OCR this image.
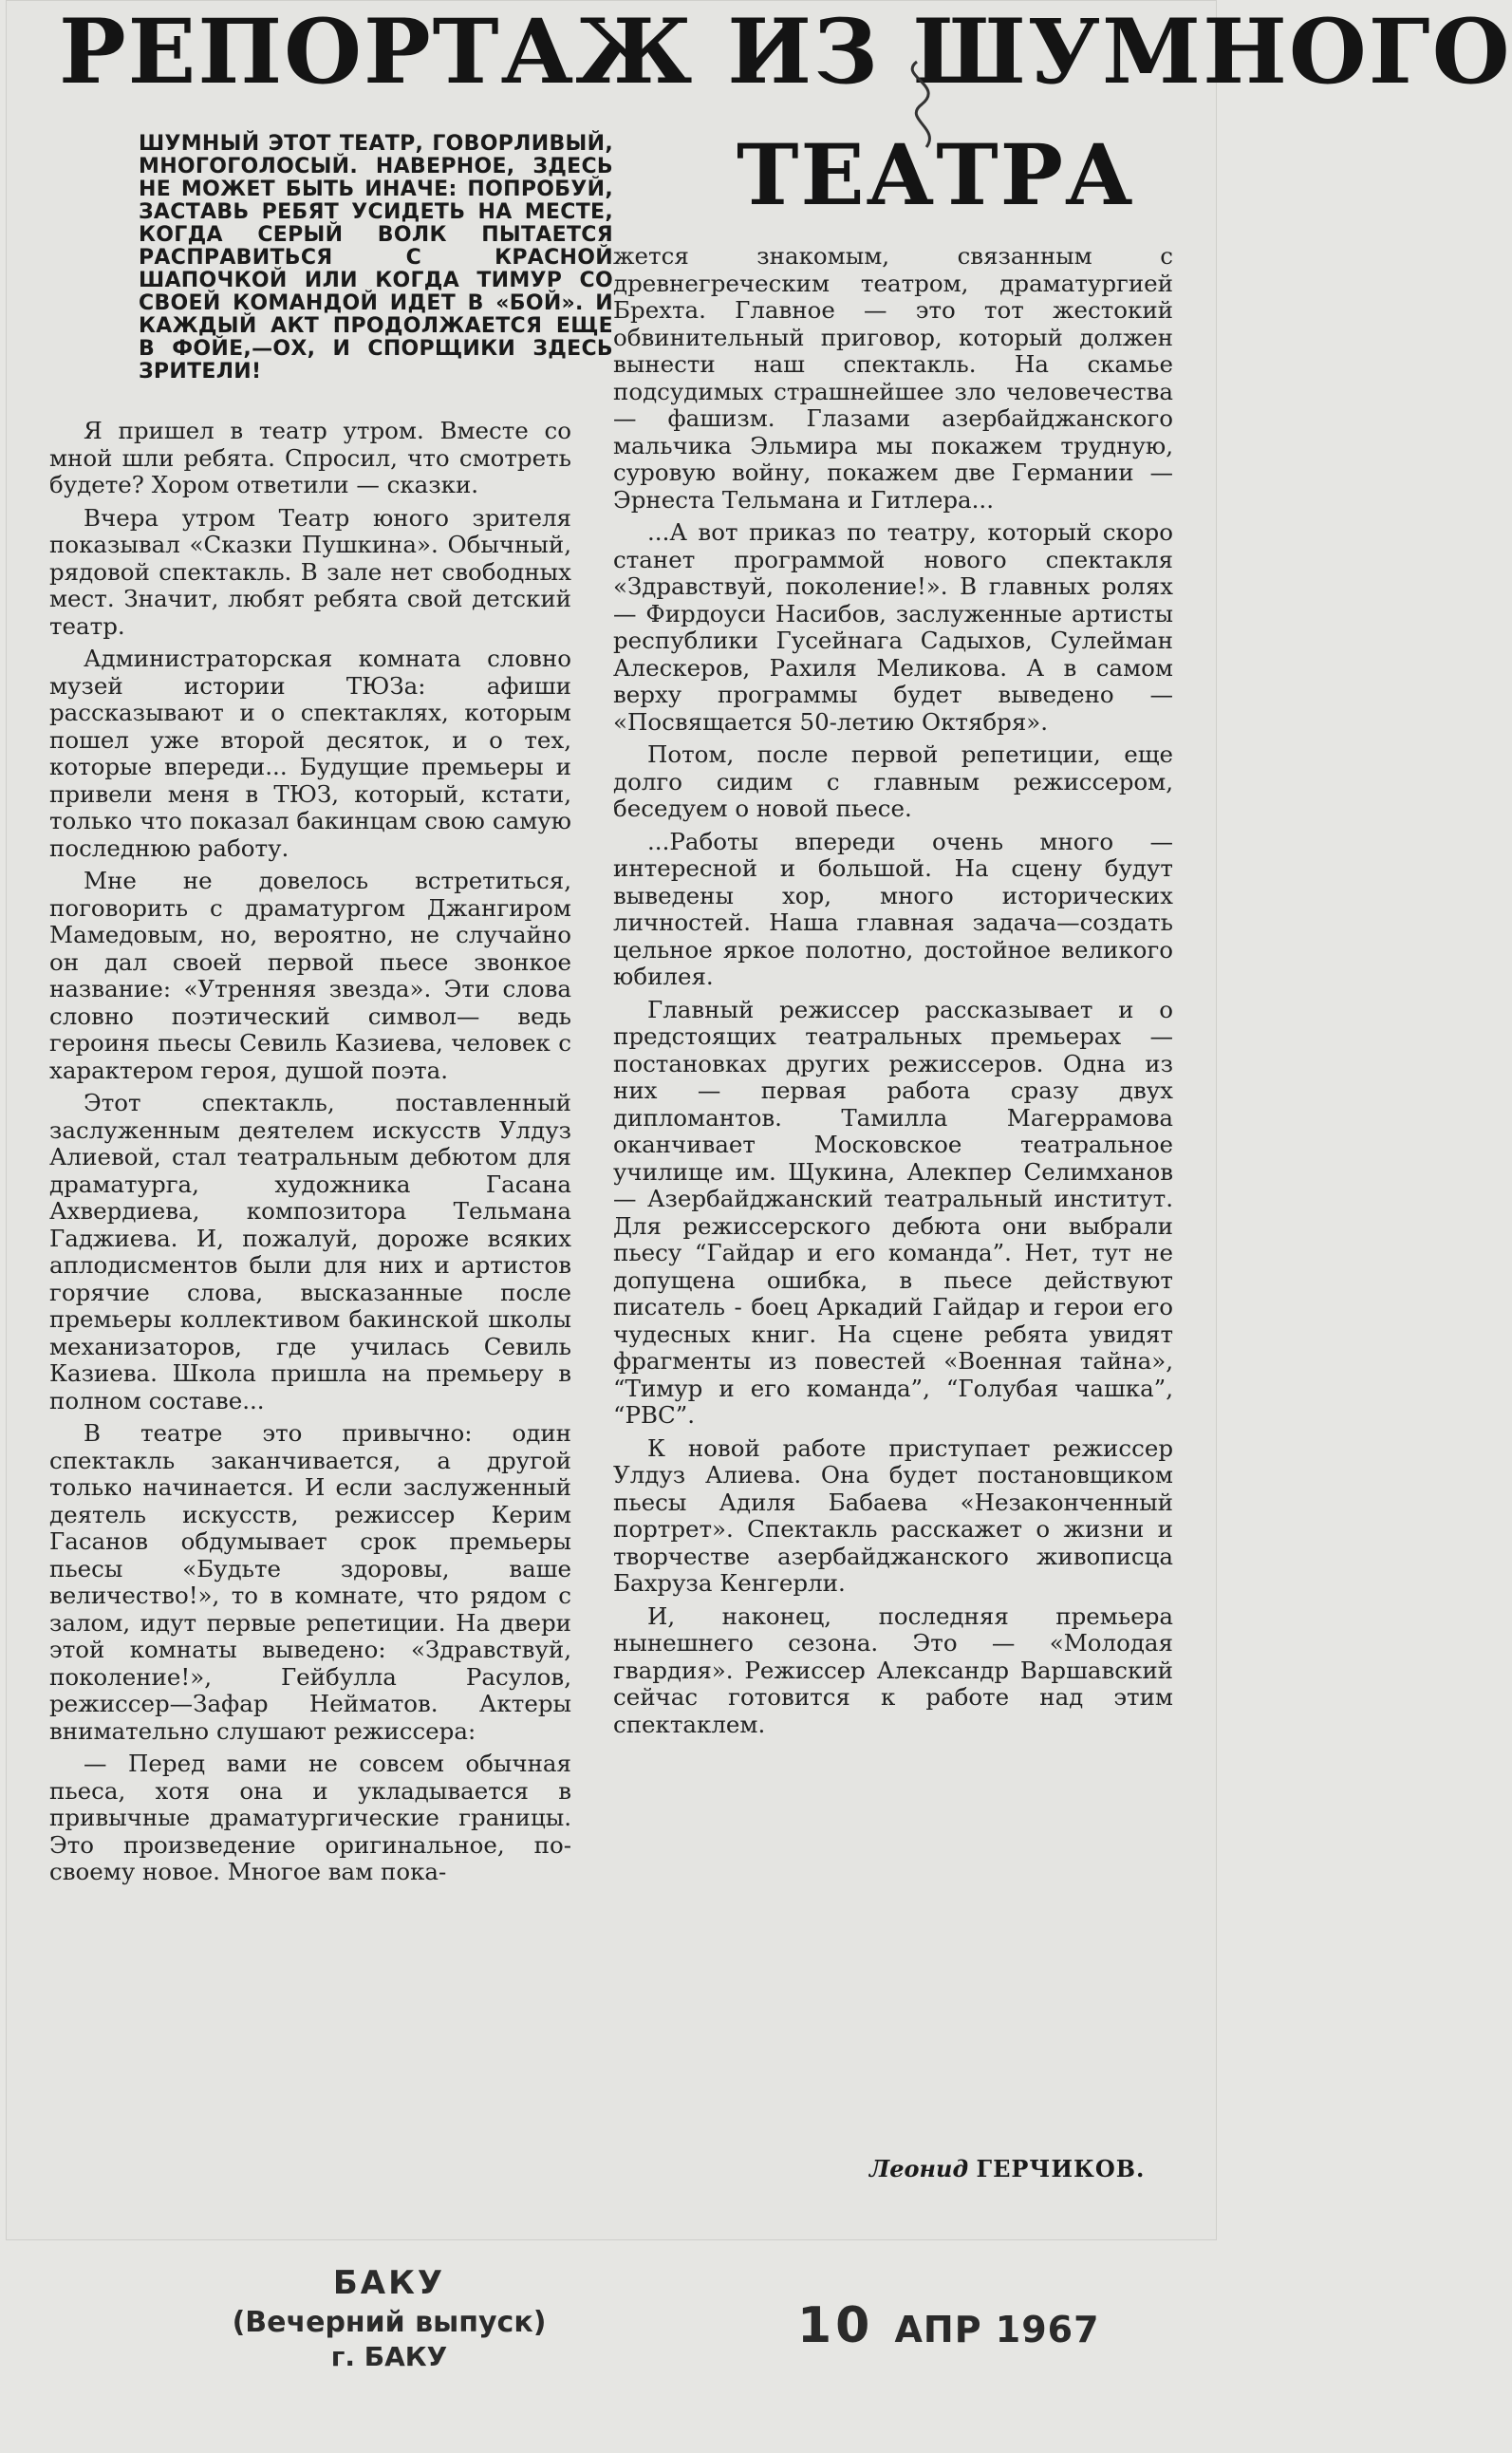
РЕПОРТАЖ ИЗ ШУМНОГО
ТЕАТРА
ШУМНЫЙ ЭТОТ ТЕАТР, ГОВОРЛИВЫЙ, МНОГОГОЛОСЫЙ. НАВЕРНОЕ, ЗДЕСЬ НЕ МОЖЕТ БЫТЬ ИНАЧЕ: ПОПРОБУЙ, ЗАСТАВЬ РЕБЯТ УСИДЕТЬ НА МЕСТЕ, КОГДА СЕРЫЙ ВОЛК ПЫТАЕТСЯ РАСПРАВИТЬСЯ С КРАСНОЙ ШАПОЧКОЙ ИЛИ КОГДА ТИМУР СО СВОЕЙ КОМАНДОЙ ИДЕТ В «БОЙ». И КАЖДЫЙ АКТ ПРОДОЛЖАЕТСЯ ЕЩЕ В ФОЙЕ,—ОХ, И СПОРЩИКИ ЗДЕСЬ ЗРИТЕЛИ!

Я пришел в театр утром. Вместе со мной шли ребята. Спросил, что смотреть будете? Хором ответили — сказки.

Вчера утром Театр юного зрителя показывал «Сказки Пушкина». Обычный, рядовой спектакль. В зале нет свободных мест. Значит, любят ребята свой детский театр.

Администраторская комната словно музей истории ТЮЗа: афиши рассказывают и о спектаклях, которым пошел уже второй десяток, и о тех, которые впереди... Будущие премьеры и привели меня в ТЮЗ, который, кстати, только что показал бакинцам свою самую последнюю работу.

Мне не довелось встретиться, поговорить с драматургом Джангиром Мамедовым, но, вероятно, не случайно он дал своей первой пьесе звонкое название: «Утренняя звезда». Эти слова словно поэтический символ— ведь героиня пьесы Севиль Казиева, человек с характером героя, душой поэта.

Этот спектакль, поставленный заслуженным деятелем искусств Улдуз Алиевой, стал театральным дебютом для драматурга, художника Гасана Ахвердиева, композитора Тельмана Гаджиева. И, пожалуй, дороже всяких аплодисментов были для них и артистов горячие слова, высказанные после премьеры коллективом бакинской школы механизаторов, где училась Севиль Казиева. Школа пришла на премьеру в полном составе...

В театре это привычно: один спектакль заканчивается, а другой только начинается. И если заслуженный деятель искусств, режиссер Керим Гасанов обдумывает срок премьеры пьесы «Будьте здоровы, ваше величество!», то в комнате, что рядом с залом, идут первые репетиции. На двери этой комнаты выведено: «Здравствуй, поколение!», Гейбулла Расулов, режиссер—Зафар Нейматов. Актеры внимательно слушают режиссера:

— Перед вами не совсем обычная пьеса, хотя она и укладывается в привычные драматургические границы. Это произведение оригинальное, по-своему новое. Многое вам пока-

жется знакомым, связанным с древнегреческим театром, драматургией Брехта. Главное — это тот жестокий обвинительный приговор, который должен вынести наш спектакль. На скамье подсудимых страшнейшее зло человечества — фашизм. Глазами азербайджанского мальчика Эльмира мы покажем трудную, суровую войну, покажем две Германии — Эрнеста Тельмана и Гитлера...

...А вот приказ по театру, который скоро станет программой нового спектакля «Здравствуй, поколение!». В главных ролях — Фирдоуси Насибов, заслуженные артисты республики Гусейнага Садыхов, Сулейман Алескеров, Рахиля Меликова. А в самом верху программы будет выведено — «Посвящается 50-летию Октября».

Потом, после первой репетиции, еще долго сидим с главным режиссером, беседуем о новой пьесе.

...Работы впереди очень много — интересной и большой. На сцену будут выведены хор, много исторических личностей. Наша главная задача—создать цельное яркое полотно, достойное великого юбилея.

Главный режиссер рассказывает и о предстоящих театральных премьерах — постановках других режиссеров. Одна из них — первая работа сразу двух дипломантов. Тамилла Магеррамова оканчивает Московское театральное училище им. Щукина, Алекпер Селимханов — Азербайджанский театральный институт. Для режиссерского дебюта они выбрали пьесу “Гайдар и его команда”. Нет, тут не допущена ошибка, в пьесе действуют писатель - боец Аркадий Гайдар и герои его чудесных книг. На сцене ребята увидят фрагменты из повестей «Военная тайна», “Тимур и его команда”, “Голубая чашка”, “РВС”.

К новой работе приступает режиссер Улдуз Алиева. Она будет постановщиком пьесы Адиля Бабаева «Незаконченный портрет». Спектакль расскажет о жизни и творчестве азербайджанского живописца Бахруза Кенгерли.

И, наконец, последняя премьера нынешнего сезона. Это — «Молодая гвардия». Режиссер Александр Варшавский сейчас готовится к работе над этим спектаклем.

Леонид ГЕРЧИКОВ.
БАКУ
(Вечерний выпуск)
г. БАКУ
10 АПР 1967
